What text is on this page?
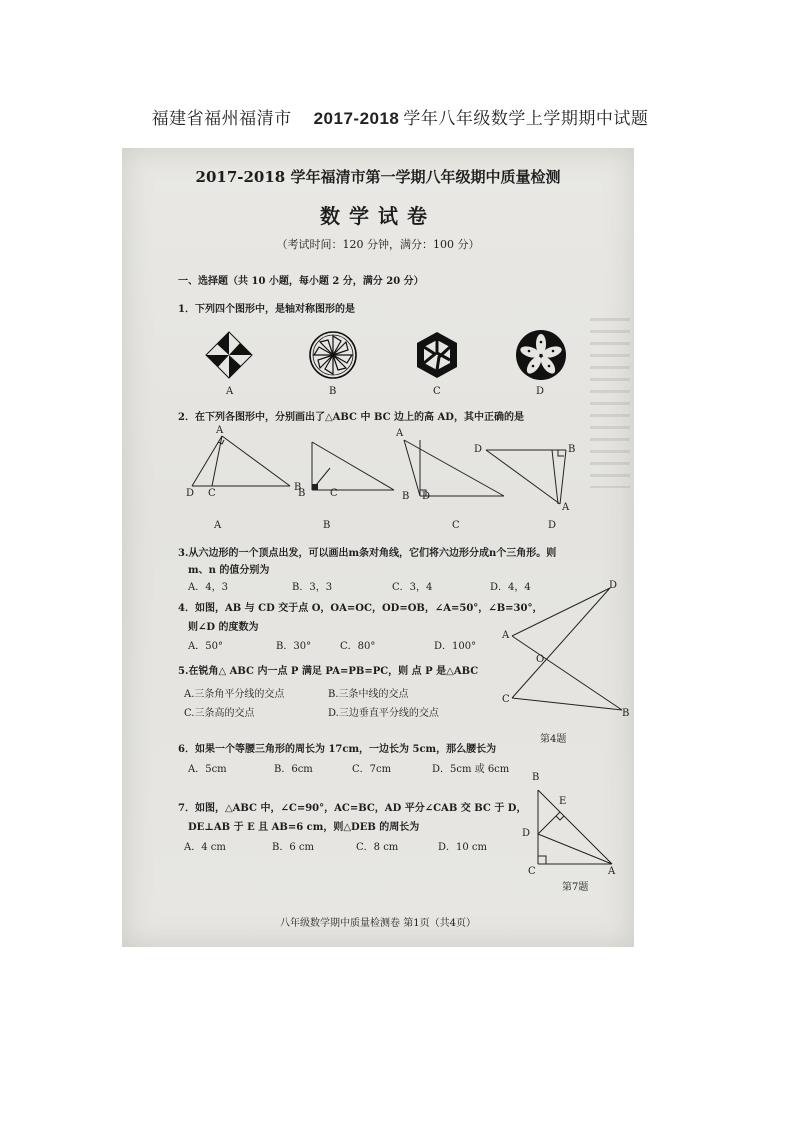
福建省福州福清市 2017-2018 学年八年级数学上学期期中试题
2017-2018 学年福清市第一学期八年级期中质量检测
数学试卷
（考试时间：120 分钟，满分：100 分）
一、选择题（共 10 小题，每小题 2 分，满分 20 分）
1．下列四个图形中，是轴对称图形的是
A	B	C	D
2．在下列各图形中，分别画出了△ABC 中 BC 边上的高 AD，其中正确的是
A
D C
B
B C
A
B D
D	B
A
A	B	C	D
3.从六边形的一个顶点出发，可以画出m条对角线，它们将六边形分成n个三角形。则
m、n 的值分别为
A．4，3	B．3，3	C．3，4	D．4，4
4．如图，AB 与 CD 交于点 O，OA=OC，OD=OB，∠A=50°，∠B=30°，
则∠D 的度数为
A．50°	B．30°	C．80°	D．100°
D
A
O
C
B
第4题
5.在锐角△ ABC 内一点 P 满足 PA=PB=PC，则 点 P 是△ABC
A.三条角平分线的交点	B.三条中线的交点
C.三条高的交点	D.三边垂直平分线的交点
6．如果一个等腰三角形的周长为 17cm，一边长为 5cm，那么腰长为
A．5cm	B．6cm	C．7cm	D．5cm 或 6cm
7．如图，△ABC 中，∠C=90°，AC=BC，AD 平分∠CAB 交 BC 于 D，
DE⊥AB 于 E 且 AB=6 cm，则△DEB 的周长为
A．4 cm	B．6 cm	C．8 cm	D．10 cm
B
E
D
C	A
第7题
八年级数学期中质量检测卷 第1页（共4页）
